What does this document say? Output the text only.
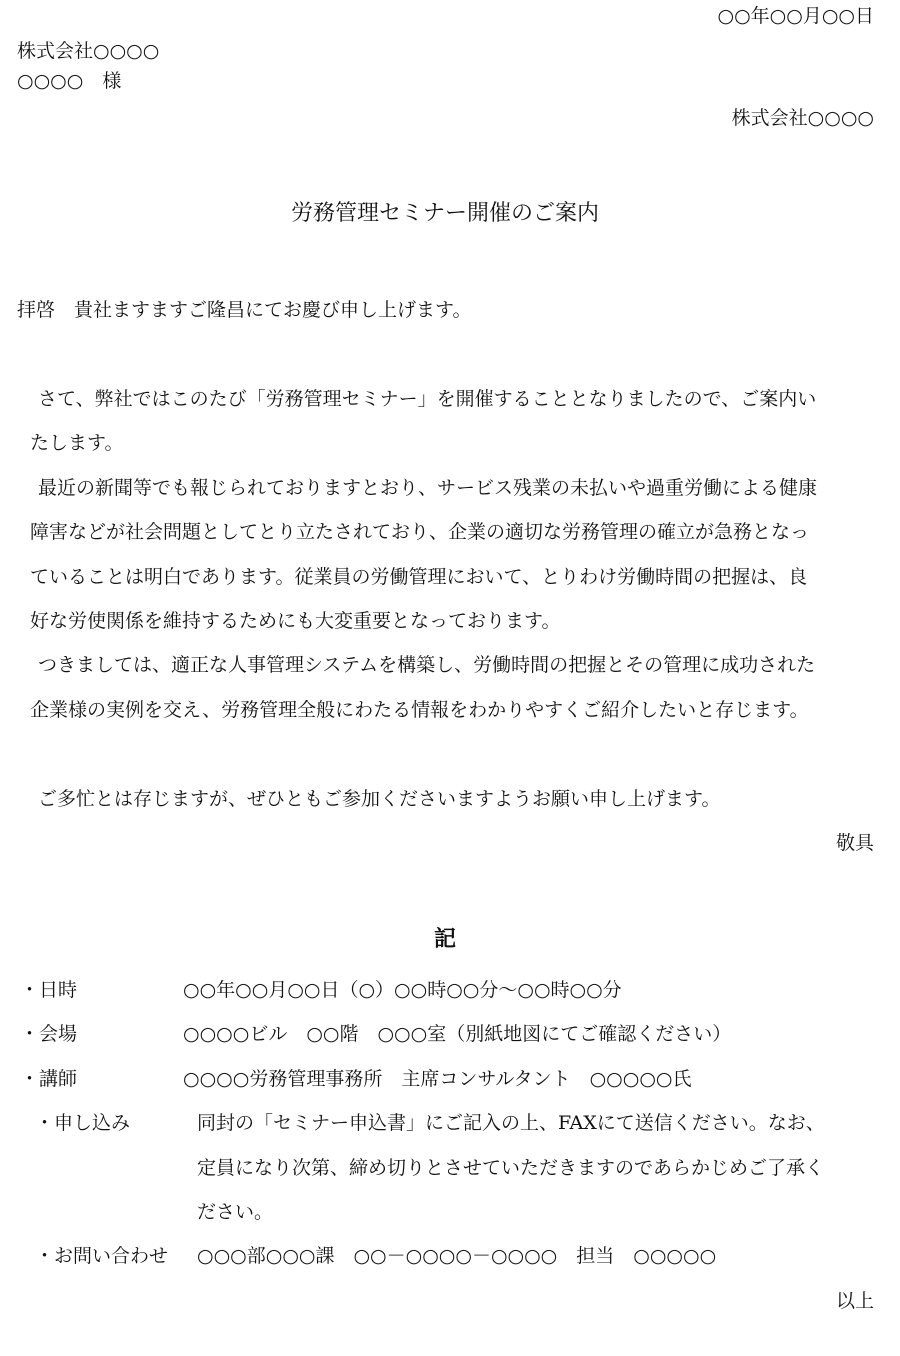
○○年○○月○○日
株式会社○○○○
○○○○　様
株式会社○○○○
労務管理セミナー開催のご案内
拝啓　貴社ますますご隆昌にてお慶び申し上げます。
さて、弊社ではこのたび「労務管理セミナー」を開催することとなりましたので、ご案内い
たします。
最近の新聞等でも報じられておりますとおり、サービス残業の未払いや過重労働による健康
障害などが社会問題としてとり立たされており、企業の適切な労務管理の確立が急務となっ
ていることは明白であります。従業員の労働管理において、とりわけ労働時間の把握は、良
好な労使関係を維持するためにも大変重要となっております。
つきましては、適正な人事管理システムを構築し、労働時間の把握とその管理に成功された
企業様の実例を交え、労務管理全般にわたる情報をわかりやすくご紹介したいと存じます。
ご多忙とは存じますが、ぜひともご参加くださいますようお願い申し上げます。
敬具
記
・日時	○○年○○月○○日（○）○○時○○分～○○時○○分
・会場	○○○○ビル　○○階　○○○室（別紙地図にてご確認ください）
・講師	○○○○労務管理事務所　主席コンサルタント　○○○○○氏
・申し込み	同封の「セミナー申込書」にご記入の上、FAXにて送信ください。なお、
定員になり次第、締め切りとさせていただきますのであらかじめご了承く
ださい。
・お問い合わせ ○○○部○○○課　○○－○○○○－○○○○　担当　○○○○○
以上
